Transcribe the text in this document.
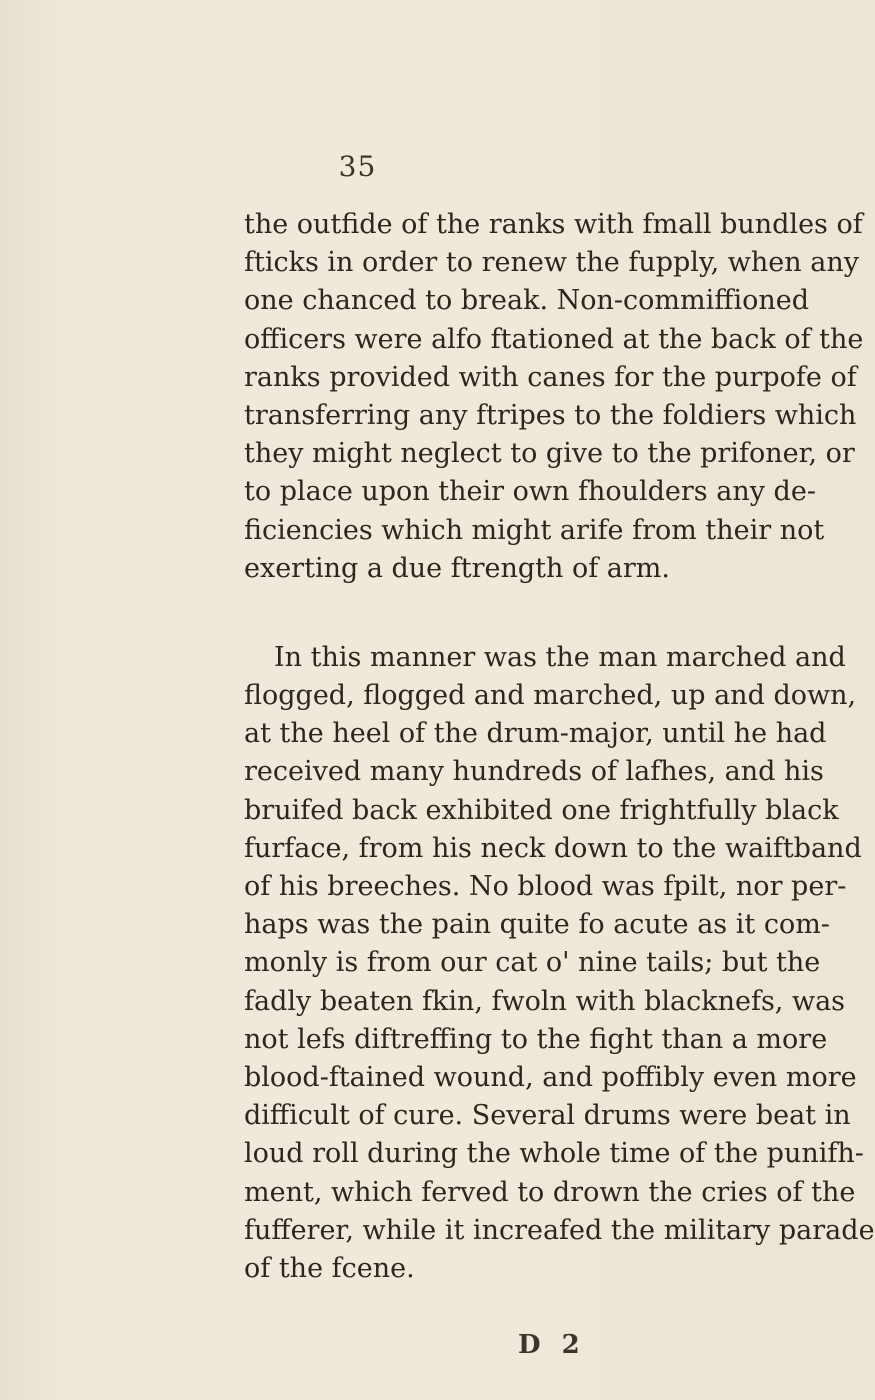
35
the outfide of the ranks with fmall bundles of
fticks in order to renew the fupply, when any
one chanced to break. Non-commiffioned
officers were alfo ftationed at the back of the
ranks provided with canes for the purpofe of
transferring any ftripes to the foldiers which
they might neglect to give to the prifoner, or
to place upon their own fhoulders any de-
ficiencies which might arife from their not
exerting a due ftrength of arm.
In this manner was the man marched and
flogged, flogged and marched, up and down,
at the heel of the drum-major, until he had
received many hundreds of lafhes, and his
bruifed back exhibited one frightfully black
furface, from his neck down to the waiftband
of his breeches. No blood was fpilt, nor per-
haps was the pain quite fo acute as it com-
monly is from our cat o' nine tails; but the
fadly beaten fkin, fwoln with blacknefs, was
not lefs diftreffing to the fight than a more
blood-ftained wound, and poffibly even more
difficult of cure. Several drums were beat in
loud roll during the whole time of the punifh-
ment, which ferved to drown the cries of the
fufferer, while it increafed the military parade
of the fcene.
D 2
